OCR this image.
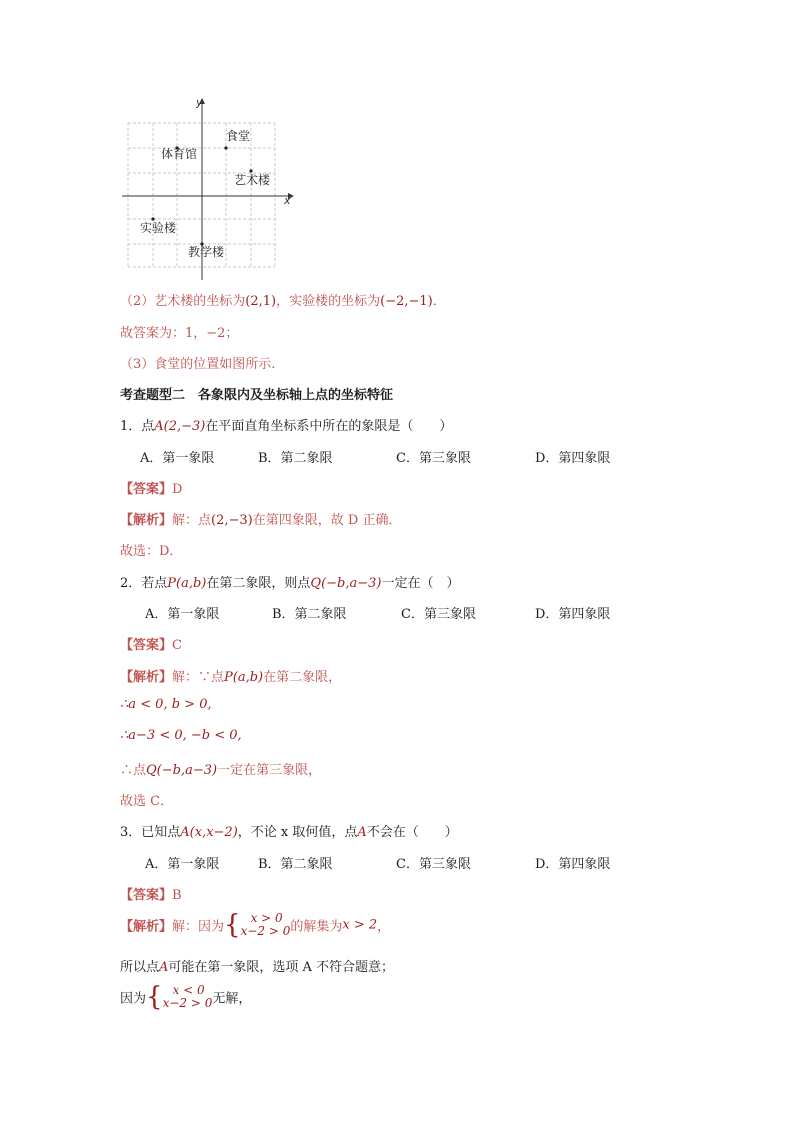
x
y
食堂
体育馆
艺术楼
实验楼
教学楼
（2）艺术楼的坐标为(2,1)，实验楼的坐标为(−2,−1)．
故答案为：1，−2；
（3）食堂的位置如图所示．
考查题型二　各象限内及坐标轴上点的坐标特征
1．点A(2,−3)在平面直角坐标系中所在的象限是（　　）
A．第一象限	B．第二象限	C．第三象限	D．第四象限
【答案】D
【解析】解：点(2,−3)在第四象限，故 D 正确．
故选：D．
2．若点P(a,b)在第二象限，则点Q(−b,a−3)一定在（　）
A．第一象限	B．第二象限	C．第三象限	D．第四象限
【答案】C
【解析】解：∵点P(a,b)在第二象限，
∴a < 0, b > 0,
∴a−3 < 0, −b < 0,
∴点Q(−b,a−3)一定在第三象限，
故选 C．
3．已知点A(x,x−2)，不论 x 取何值，点A不会在（　　）
A．第一象限	B．第二象限	C．第三象限	D．第四象限
【答案】B
【解析】解：因为{ x > 0
x−2 > 0 的解集为x > 2，
所以点A可能在第一象限，选项 A 不符合题意；
因为{ x < 0
x−2 > 0 无解，
